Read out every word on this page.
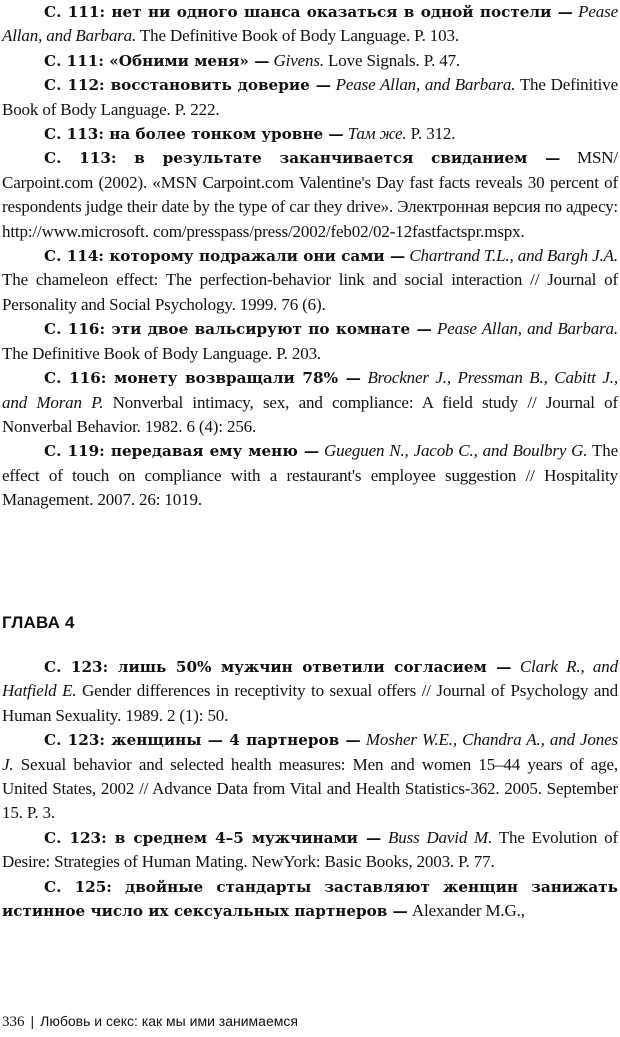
С. 111: нет ни одного шанса оказаться в одной постели — Pease Allan, and Barbara. The Definitive Book of Body Language. P. 103.

С. 111: «Обними меня» — Givens. Love Signals. P. 47.

С. 112: восстановить доверие — Pease Allan, and Barbara. The Definitive Book of Body Language. P. 222.

С. 113: на более тонком уровне — Там же. P. 312.

С. 113: в результате заканчивается свиданием — MSN/ Carpoint.com (2002). «MSN Carpoint.com Valentine's Day fast facts reveals 30 percent of respondents judge their date by the type of car they drive». Электронная версия по адресу: http://www.microsoft. com/presspass/press/2002/feb02/02-12fastfactspr.mspx.

С. 114: которому подражали они сами — Chartrand T.L., and Bargh J.A. The chameleon effect: The perfection-behavior link and social interaction // Journal of Personality and Social Psychology. 1999. 76 (6).

С. 116: эти двое вальсируют по комнате — Pease Allan, and Barbara. The Definitive Book of Body Language. P. 203.

С. 116: монету возвращали 78% — Brockner J., Pressman B., Cabitt J., and Moran P. Nonverbal intimacy, sex, and compliance: A field study // Journal of Nonverbal Behavior. 1982. 6 (4): 256.

С. 119: передавая ему меню — Gueguen N., Jacob C., and Boulbry G. The effect of touch on compliance with a restaurant's employee suggestion // Hospitality Management. 2007. 26: 1019.

ГЛАВА 4

С. 123: лишь 50% мужчин ответили согласием — Clark R., and Hatfield E. Gender differences in receptivity to sexual offers // Journal of Psychology and Human Sexuality. 1989. 2 (1): 50.

С. 123: женщины — 4 партнеров — Mosher W.E., Chandra A., and Jones J. Sexual behavior and selected health measures: Men and women 15–44 years of age, United States, 2002 // Advance Data from Vital and Health Statistics-362. 2005. September 15. P. 3.

С. 123: в среднем 4–5 мужчинами — Buss David M. The Evolution of Desire: Strategies of Human Mating. NewYork: Basic Books, 2003. P. 77.

С. 125: двойные стандарты заставляют женщин занижать истинное число их сексуальных партнеров — Alexander M.G.,

336 | Любовь и секс: как мы ими занимаемся
